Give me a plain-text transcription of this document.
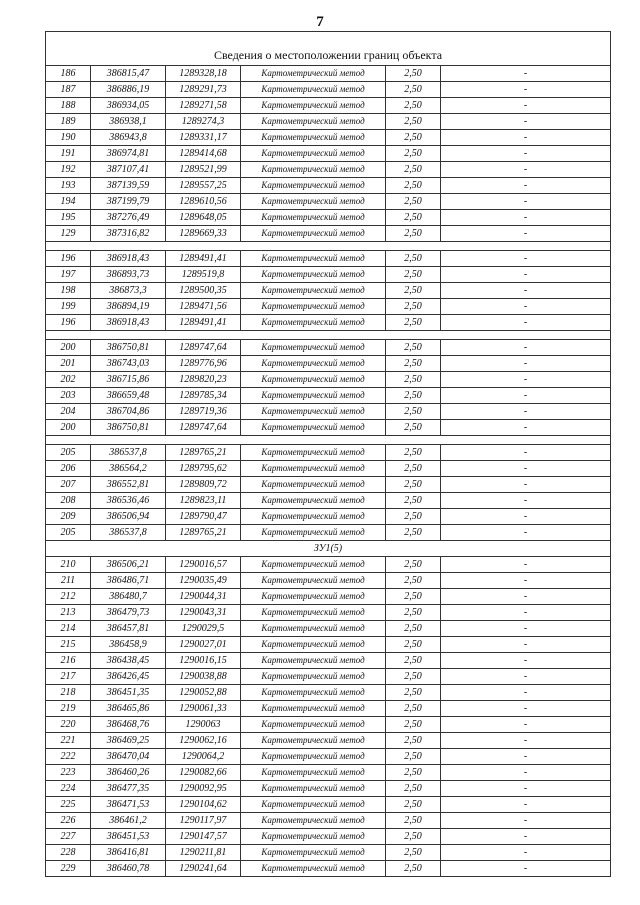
7
Сведения о местоположении границ объекта					
186	386815,47	1289328,18	Картометрический метод	2,50	-
187	386886,19	1289291,73	Картометрический метод	2,50	-
188	386934,05	1289271,58	Картометрический метод	2,50	-
189	386938,1	1289274,3	Картометрический метод	2,50	-
190	386943,8	1289331,17	Картометрический метод	2,50	-
191	386974,81	1289414,68	Картометрический метод	2,50	-
192	387107,41	1289521,99	Картометрический метод	2,50	-
193	387139,59	1289557,25	Картометрический метод	2,50	-
194	387199,79	1289610,56	Картометрический метод	2,50	-
195	387276,49	1289648,05	Картометрический метод	2,50	-
129	387316,82	1289669,33	Картометрический метод	2,50	-

196	386918,43	1289491,41	Картометрический метод	2,50	-
197	386893,73	1289519,8	Картометрический метод	2,50	-
198	386873,3	1289500,35	Картометрический метод	2,50	-
199	386894,19	1289471,56	Картометрический метод	2,50	-
196	386918,43	1289491,41	Картометрический метод	2,50	-

200	386750,81	1289747,64	Картометрический метод	2,50	-
201	386743,03	1289776,96	Картометрический метод	2,50	-
202	386715,86	1289820,23	Картометрический метод	2,50	-
203	386659,48	1289785,34	Картометрический метод	2,50	-
204	386704,86	1289719,36	Картометрический метод	2,50	-
200	386750,81	1289747,64	Картометрический метод	2,50	-

205	386537,8	1289765,21	Картометрический метод	2,50	-
206	386564,2	1289795,62	Картометрический метод	2,50	-
207	386552,81	1289809,72	Картометрический метод	2,50	-
208	386536,46	1289823,11	Картометрический метод	2,50	-
209	386506,94	1289790,47	Картометрический метод	2,50	-
205	386537,8	1289765,21	Картометрический метод	2,50	-
ЗУ1(5)					
210	386506,21	1290016,57	Картометрический метод	2,50	-
211	386486,71	1290035,49	Картометрический метод	2,50	-
212	386480,7	1290044,31	Картометрический метод	2,50	-
213	386479,73	1290043,31	Картометрический метод	2,50	-
214	386457,81	1290029,5	Картометрический метод	2,50	-
215	386458,9	1290027,01	Картометрический метод	2,50	-
216	386438,45	1290016,15	Картометрический метод	2,50	-
217	386426,45	1290038,88	Картометрический метод	2,50	-
218	386451,35	1290052,88	Картометрический метод	2,50	-
219	386465,86	1290061,33	Картометрический метод	2,50	-
220	386468,76	1290063	Картометрический метод	2,50	-
221	386469,25	1290062,16	Картометрический метод	2,50	-
222	386470,04	1290064,2	Картометрический метод	2,50	-
223	386460,26	1290082,66	Картометрический метод	2,50	-
224	386477,35	1290092,95	Картометрический метод	2,50	-
225	386471,53	1290104,62	Картометрический метод	2,50	-
226	386461,2	1290117,97	Картометрический метод	2,50	-
227	386451,53	1290147,57	Картометрический метод	2,50	-
228	386416,81	1290211,81	Картометрический метод	2,50	-
229	386460,78	1290241,64	Картометрический метод	2,50	-
